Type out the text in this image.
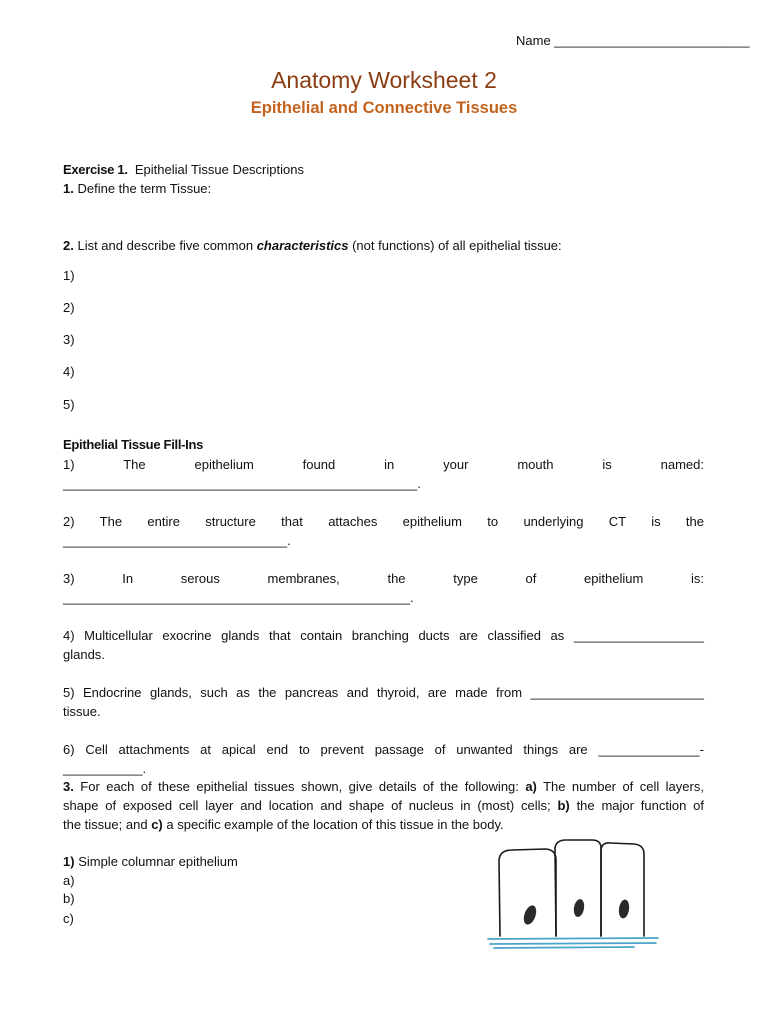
Name ___________________________
Anatomy Worksheet 2
Epithelial and Connective Tissues
Exercise 1. Epithelial Tissue Descriptions
1. Define the term Tissue:
2. List and describe five common characteristics (not functions) of all epithelial tissue:
1)
2)
3)
4)
5)
Epithelial Tissue Fill-Ins
1) The epithelium found in your mouth is named:
_________________________________________________.
2) The entire structure that attaches epithelium to underlying CT is the
_______________________________.
3) In serous membranes, the type of epithelium is:
________________________________________________.
4) Multicellular exocrine glands that contain branching ducts are classified as __________________
glands.
5) Endocrine glands, such as the pancreas and thyroid, are made from ________________________
tissue.
6) Cell attachments at apical end to prevent passage of unwanted things are ______________-
___________.
3. For each of these epithelial tissues shown, give details of the following: a) The number of cell layers,
shape of exposed cell layer and location and shape of nucleus in (most) cells; b) the major function of
the tissue; and c) a specific example of the location of this tissue in the body.
1) Simple columnar epithelium
a)
b)
c)
